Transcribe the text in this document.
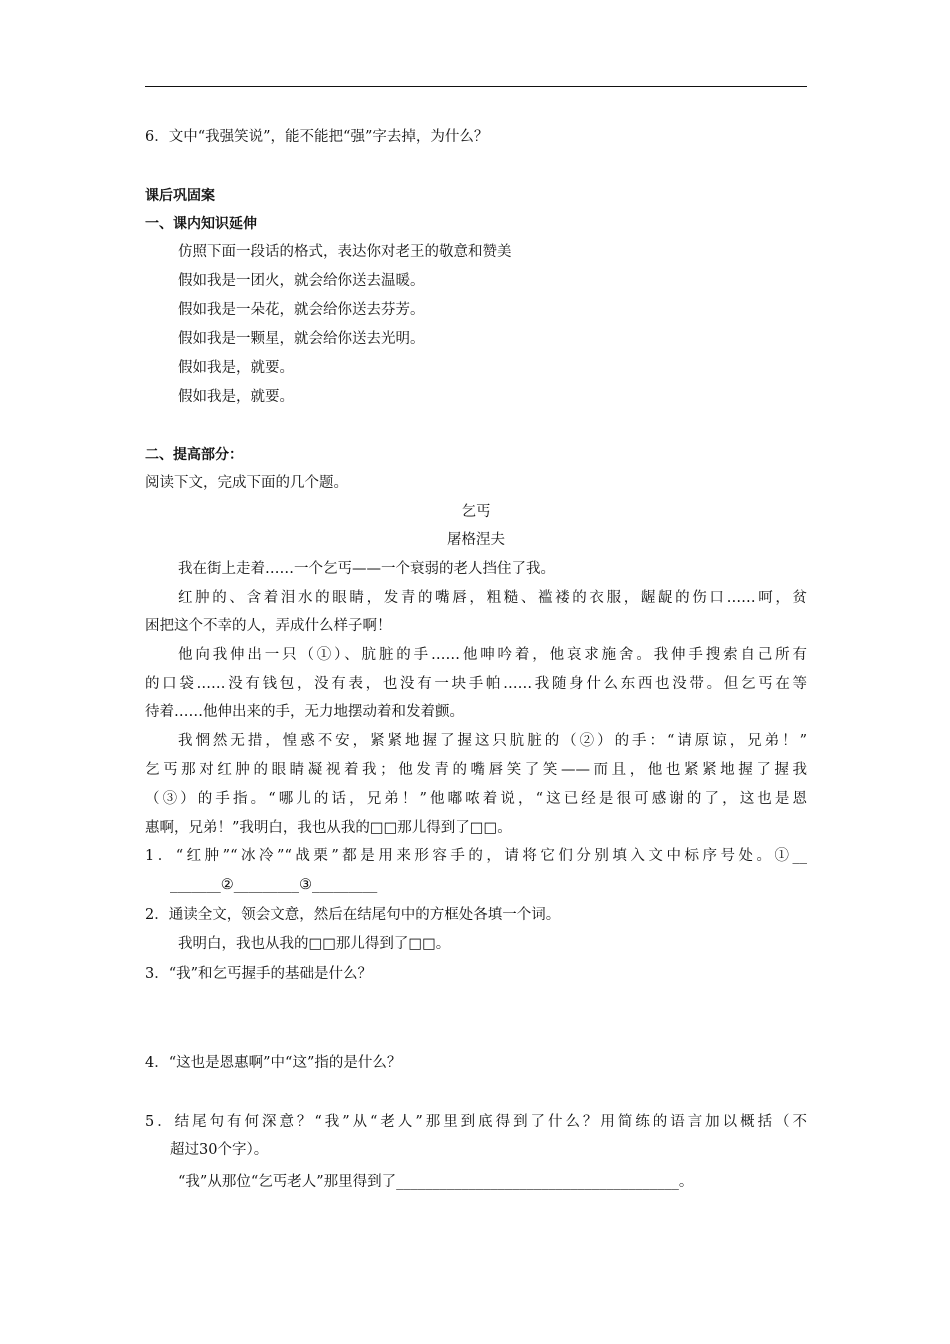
6．文中“我强笑说”，能不能把“强”字去掉，为什么？
课后巩固案
一、课内知识延伸
仿照下面一段话的格式，表达你对老王的敬意和赞美
假如我是一团火，就会给你送去温暖。
假如我是一朵花，就会给你送去芬芳。
假如我是一颗星，就会给你送去光明。
假如我是，就要。
假如我是，就要。
二、提高部分：
阅读下文，完成下面的几个题。
乞丐
屠格涅夫
我在街上走着……一个乞丐——一个衰弱的老人挡住了我。
红肿的、含着泪水的眼睛，发青的嘴唇，粗糙、褴褛的衣服，龌龊的伤口……呵，贫
困把这个不幸的人，弄成什么样子啊！
他向我伸出一只（①）、肮脏的手……他呻吟着，他哀求施舍。我伸手搜索自己所有
的口袋……没有钱包，没有表，也没有一块手帕……我随身什么东西也没带。但乞丐在等
待着……他伸出来的手，无力地摆动着和发着颤。
我惘然无措，惶惑不安，紧紧地握了握这只肮脏的（②）的手：“请原谅，兄弟！”
乞丐那对红肿的眼睛凝视着我；他发青的嘴唇笑了笑——而且，他也紧紧地握了握我
（③）的手指。“哪儿的话，兄弟！”他嘟哝着说，“这已经是很可感谢的了，这也是恩
惠啊，兄弟！”我明白，我也从我的□□那儿得到了□□。
1．“红肿”“冰冷”“战栗”都是用来形容手的，请将它们分别填入文中标序号处。①__
_______②_________③_________
2．通读全文，领会文意，然后在结尾句中的方框处各填一个词。
我明白，我也从我的□□那儿得到了□□。
3．“我”和乞丐握手的基础是什么？
4．“这也是恩惠啊”中“这”指的是什么？
5．结尾句有何深意？“我”从“老人”那里到底得到了什么？用简练的语言加以概括（不
超过30个字）。
“我”从那位“乞丐老人”那里得到了_______________________________________。
